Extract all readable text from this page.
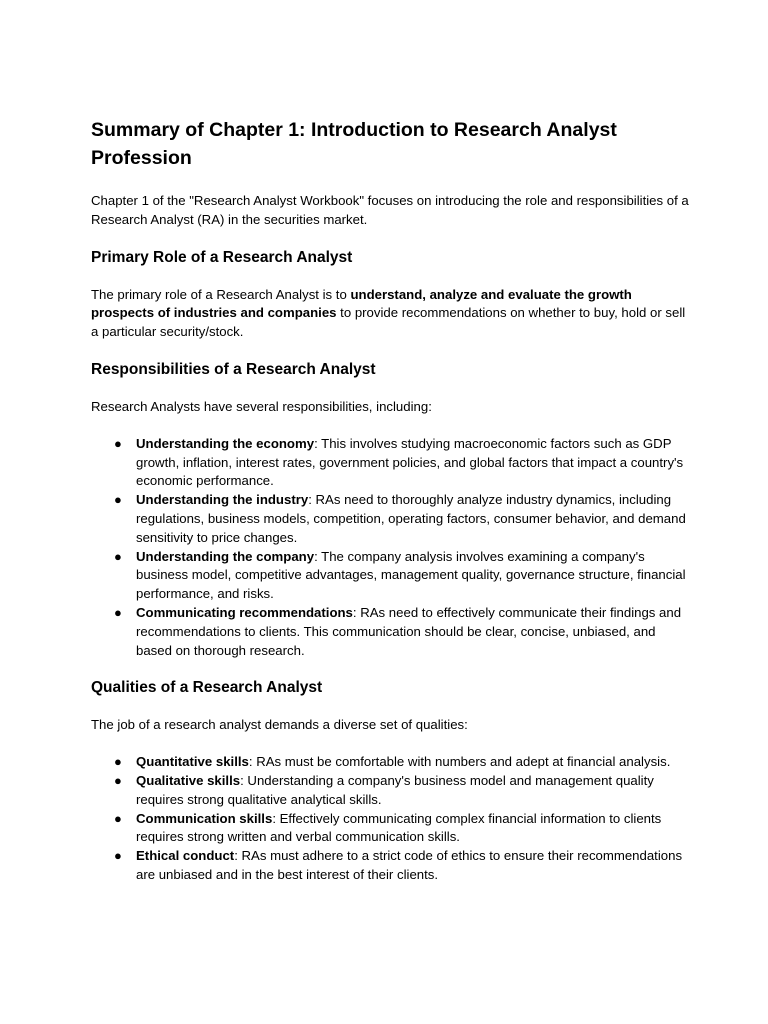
Summary of Chapter 1: Introduction to Research Analyst Profession

Chapter 1 of the "Research Analyst Workbook" focuses on introducing the role and responsibilities of a Research Analyst (RA) in the securities market.

Primary Role of a Research Analyst

The primary role of a Research Analyst is to understand, analyze and evaluate the growth prospects of industries and companies to provide recommendations on whether to buy, hold or sell a particular security/stock.

Responsibilities of a Research Analyst

Research Analysts have several responsibilities, including:

● Understanding the economy: This involves studying macroeconomic factors such as GDP growth, inflation, interest rates, government policies, and global factors that impact a country's economic performance.
● Understanding the industry: RAs need to thoroughly analyze industry dynamics, including regulations, business models, competition, operating factors, consumer behavior, and demand sensitivity to price changes.
● Understanding the company: The company analysis involves examining a company's business model, competitive advantages, management quality, governance structure, financial performance, and risks.
● Communicating recommendations: RAs need to effectively communicate their findings and recommendations to clients. This communication should be clear, concise, unbiased, and based on thorough research.
Qualities of a Research Analyst

The job of a research analyst demands a diverse set of qualities:

● Quantitative skills: RAs must be comfortable with numbers and adept at financial analysis.
● Qualitative skills: Understanding a company's business model and management quality requires strong qualitative analytical skills.
● Communication skills: Effectively communicating complex financial information to clients requires strong written and verbal communication skills.
● Ethical conduct: RAs must adhere to a strict code of ethics to ensure their recommendations are unbiased and in the best interest of their clients.
